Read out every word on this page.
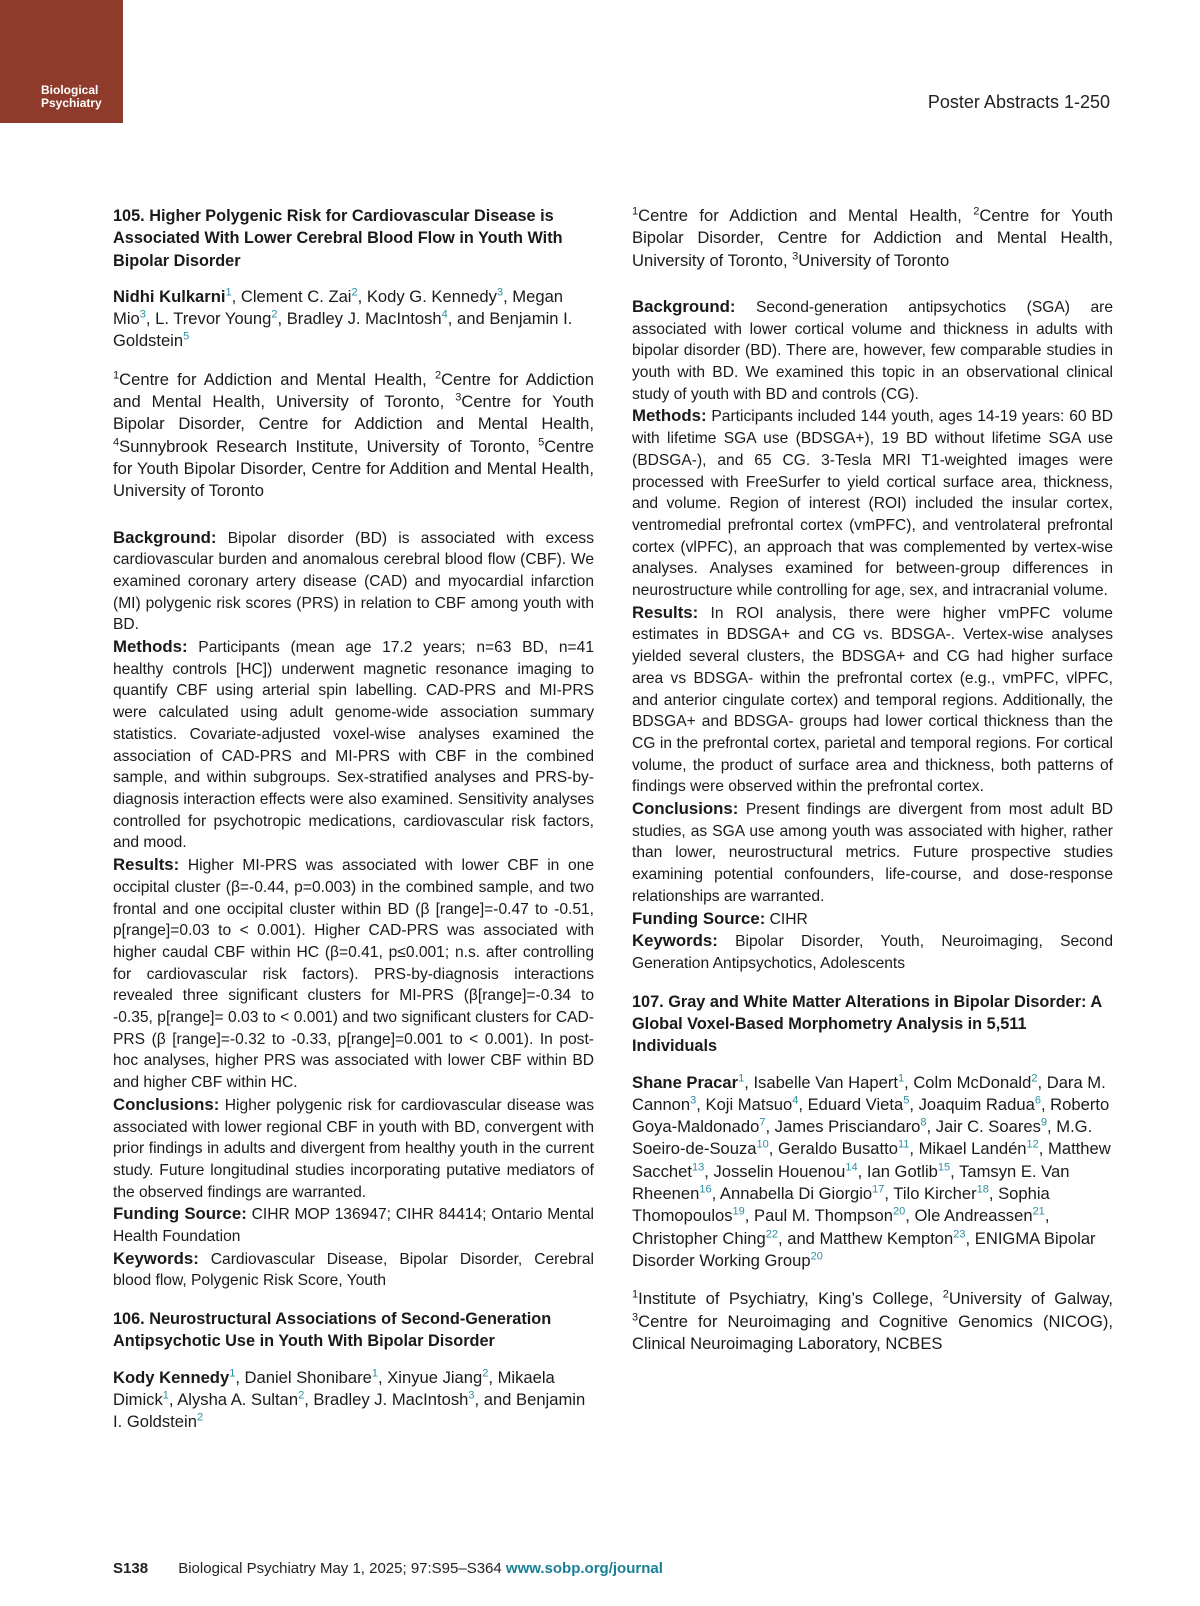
Biological Psychiatry	Poster Abstracts 1-250
105. Higher Polygenic Risk for Cardiovascular Disease is Associated With Lower Cerebral Blood Flow in Youth With Bipolar Disorder
Nidhi Kulkarni$^1$, Clement C. Zai$^2$, Kody G. Kennedy$^3$, Megan Mio$^3$, L. Trevor Young$^2$, Bradley J. MacIntosh$^4$, and Benjamin I. Goldstein$^5$
$^1$Centre for Addiction and Mental Health, $^2$Centre for Addiction and Mental Health, University of Toronto, $^3$Centre for Youth Bipolar Disorder, Centre for Addiction and Mental Health, $^4$Sunnybrook Research Institute, University of Toronto, $^5$Centre for Youth Bipolar Disorder, Centre for Addition and Mental Health, University of Toronto

Background: Bipolar disorder (BD) is associated with excess cardiovascular burden and anomalous cerebral blood flow (CBF). We examined coronary artery disease (CAD) and myocardial infarction (MI) polygenic risk scores (PRS) in relation to CBF among youth with BD.

Methods: Participants (mean age 17.2 years; n=63 BD, n=41 healthy controls [HC]) underwent magnetic resonance imaging to quantify CBF using arterial spin labelling. CAD-PRS and MI-PRS were calculated using adult genome-wide association summary statistics. Covariate-adjusted voxel-wise analyses examined the association of CAD-PRS and MI-PRS with CBF in the combined sample, and within subgroups. Sex-stratified analyses and PRS-by-diagnosis interaction effects were also examined. Sensitivity analyses controlled for psychotropic medications, cardiovascular risk factors, and mood.

Results: Higher MI-PRS was associated with lower CBF in one occipital cluster (β=-0.44, p=0.003) in the combined sample, and two frontal and one occipital cluster within BD (β [range]=-0.47 to -0.51, p[range]=0.03 to < 0.001). Higher CAD-PRS was associated with higher caudal CBF within HC (β=0.41, p≤0.001; n.s. after controlling for cardiovascular risk factors). PRS-by-diagnosis interactions revealed three significant clusters for MI-PRS (β[range]=-0.34 to -0.35, p[range]= 0.03 to < 0.001) and two significant clusters for CAD-PRS (β [range]=-0.32 to -0.33, p[range]=0.001 to < 0.001). In post-hoc analyses, higher PRS was associated with lower CBF within BD and higher CBF within HC.

Conclusions: Higher polygenic risk for cardiovascular disease was associated with lower regional CBF in youth with BD, convergent with prior findings in adults and divergent from healthy youth in the current study. Future longitudinal studies incorporating putative mediators of the observed findings are warranted.

Funding Source: CIHR MOP 136947; CIHR 84414; Ontario Mental Health Foundation

Keywords: Cardiovascular Disease, Bipolar Disorder, Cerebral blood flow, Polygenic Risk Score, Youth

106. Neurostructural Associations of Second-Generation Antipsychotic Use in Youth With Bipolar Disorder
Kody Kennedy$^1$, Daniel Shonibare$^1$, Xinyue Jiang$^2$, Mikaela Dimick$^1$, Alysha A. Sultan$^2$, Bradley J. MacIntosh$^3$, and Benjamin I. Goldstein$^2$
$^1$Centre for Addiction and Mental Health, $^2$Centre for Youth Bipolar Disorder, Centre for Addiction and Mental Health, University of Toronto, $^3$University of Toronto

Background: Second-generation antipsychotics (SGA) are associated with lower cortical volume and thickness in adults with bipolar disorder (BD). There are, however, few comparable studies in youth with BD. We examined this topic in an observational clinical study of youth with BD and controls (CG).

Methods: Participants included 144 youth, ages 14-19 years: 60 BD with lifetime SGA use (BDSGA+), 19 BD without lifetime SGA use (BDSGA-), and 65 CG. 3-Tesla MRI T1-weighted images were processed with FreeSurfer to yield cortical surface area, thickness, and volume. Region of interest (ROI) included the insular cortex, ventromedial prefrontal cortex (vmPFC), and ventrolateral prefrontal cortex (vlPFC), an approach that was complemented by vertex-wise analyses. Analyses examined for between-group differences in neurostructure while controlling for age, sex, and intracranial volume.

Results: In ROI analysis, there were higher vmPFC volume estimates in BDSGA+ and CG vs. BDSGA-. Vertex-wise analyses yielded several clusters, the BDSGA+ and CG had higher surface area vs BDSGA- within the prefrontal cortex (e.g., vmPFC, vlPFC, and anterior cingulate cortex) and temporal regions. Additionally, the BDSGA+ and BDSGA- groups had lower cortical thickness than the CG in the prefrontal cortex, parietal and temporal regions. For cortical volume, the product of surface area and thickness, both patterns of findings were observed within the prefrontal cortex.

Conclusions: Present findings are divergent from most adult BD studies, as SGA use among youth was associated with higher, rather than lower, neurostructural metrics. Future prospective studies examining potential confounders, life-course, and dose-response relationships are warranted.

Funding Source: CIHR

Keywords: Bipolar Disorder, Youth, Neuroimaging, Second Generation Antipsychotics, Adolescents

107. Gray and White Matter Alterations in Bipolar Disorder: A Global Voxel-Based Morphometry Analysis in 5,511 Individuals
Shane Pracar$^1$, Isabelle Van Hapert$^1$, Colm McDonald$^2$, Dara M. Cannon$^3$, Koji Matsuo$^4$, Eduard Vieta$^5$, Joaquim Radua$^6$, Roberto Goya-Maldonado$^7$, James Prisciandaro$^8$, Jair C. Soares$^9$, M.G. Soeiro-de-Souza$^{10}$, Geraldo Busatto$^{11}$, Mikael Landén$^{12}$, Matthew Sacchet$^{13}$, Josselin Houenou$^{14}$, Ian Gotlib$^{15}$, Tamsyn E. Van Rheenen$^{16}$, Annabella Di Giorgio$^{17}$, Tilo Kircher$^{18}$, Sophia Thomopoulos$^{19}$, Paul M. Thompson$^{20}$, Ole Andreassen$^{21}$, Christopher Ching$^{22}$, and Matthew Kempton$^{23}$, ENIGMA Bipolar Disorder Working Group$^{20}$
$^1$Institute of Psychiatry, King’s College, $^2$University of Galway, $^3$Centre for Neuroimaging and Cognitive Genomics (NICOG), Clinical Neuroimaging Laboratory, NCBES
S138 Biological Psychiatry May 1, 2025; 97:S95–S364 www.sobp.org/journal
